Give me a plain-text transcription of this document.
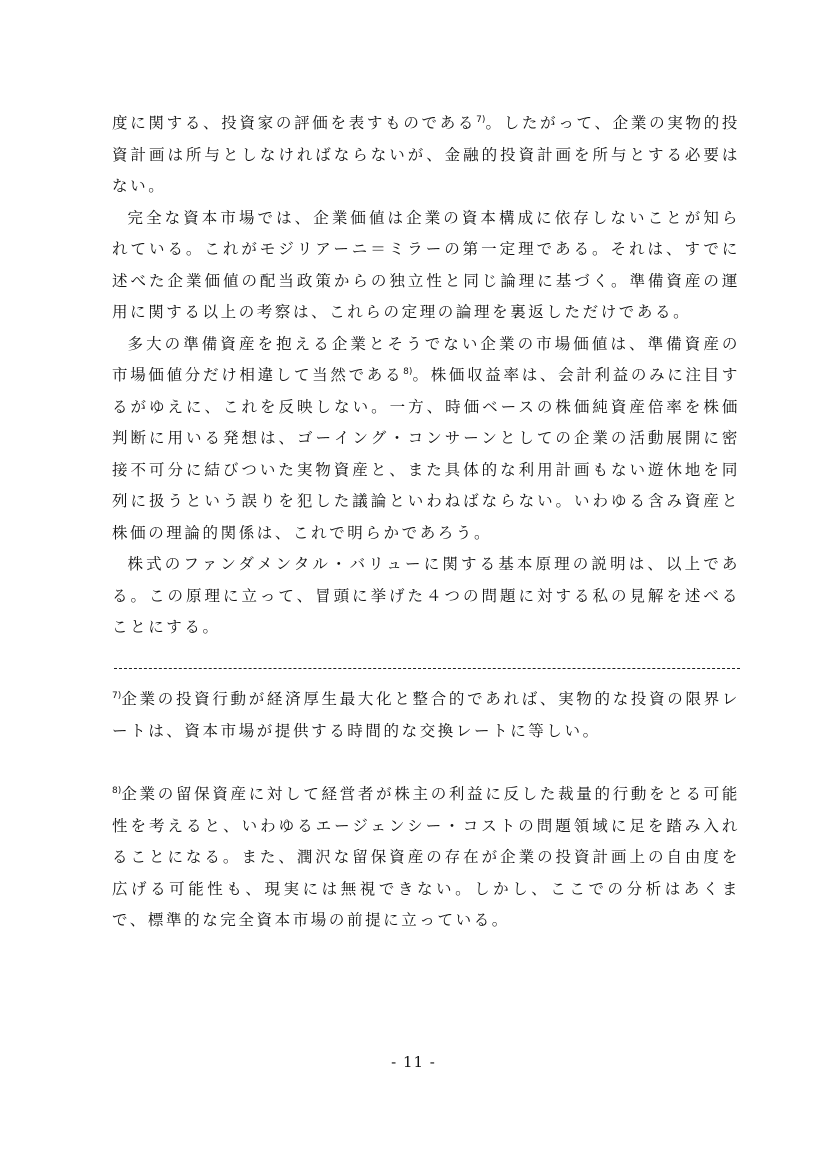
度に関する、投資家の評価を表すものである$^{7)}$。したがって、企業の実物的投資計画は所与としなければならないが、金融的投資計画を所与とする必要はない。

完全な資本市場では、企業価値は企業の資本構成に依存しないことが知られている。これがモジリアーニ＝ミラーの第一定理である。それは、すでに述べた企業価値の配当政策からの独立性と同じ論理に基づく。準備資産の運用に関する以上の考察は、これらの定理の論理を裏返しただけである。

多大の準備資産を抱える企業とそうでない企業の市場価値は、準備資産の市場価値分だけ相違して当然である$^{8)}$。株価収益率は、会計利益のみに注目するがゆえに、これを反映しない。一方、時価ベースの株価純資産倍率を株価判断に用いる発想は、ゴーイング・コンサーンとしての企業の活動展開に密接不可分に結びついた実物資産と、また具体的な利用計画もない遊休地を同列に扱うという誤りを犯した議論といわねばならない。いわゆる含み資産と株価の理論的関係は、これで明らかであろう。

株式のファンダメンタル・バリューに関する基本原理の説明は、以上である。この原理に立って、冒頭に挙げた４つの問題に対する私の見解を述べることにする。

$^{7)}$企業の投資行動が経済厚生最大化と整合的であれば、実物的な投資の限界レートは、資本市場が提供する時間的な交換レートに等しい。

$^{8)}$企業の留保資産に対して経営者が株主の利益に反した裁量的行動をとる可能性を考えると、いわゆるエージェンシー・コストの問題領域に足を踏み入れることになる。また、潤沢な留保資産の存在が企業の投資計画上の自由度を広げる可能性も、現実には無視できない。しかし、ここでの分析はあくまで、標準的な完全資本市場の前提に立っている。

- 11 -
